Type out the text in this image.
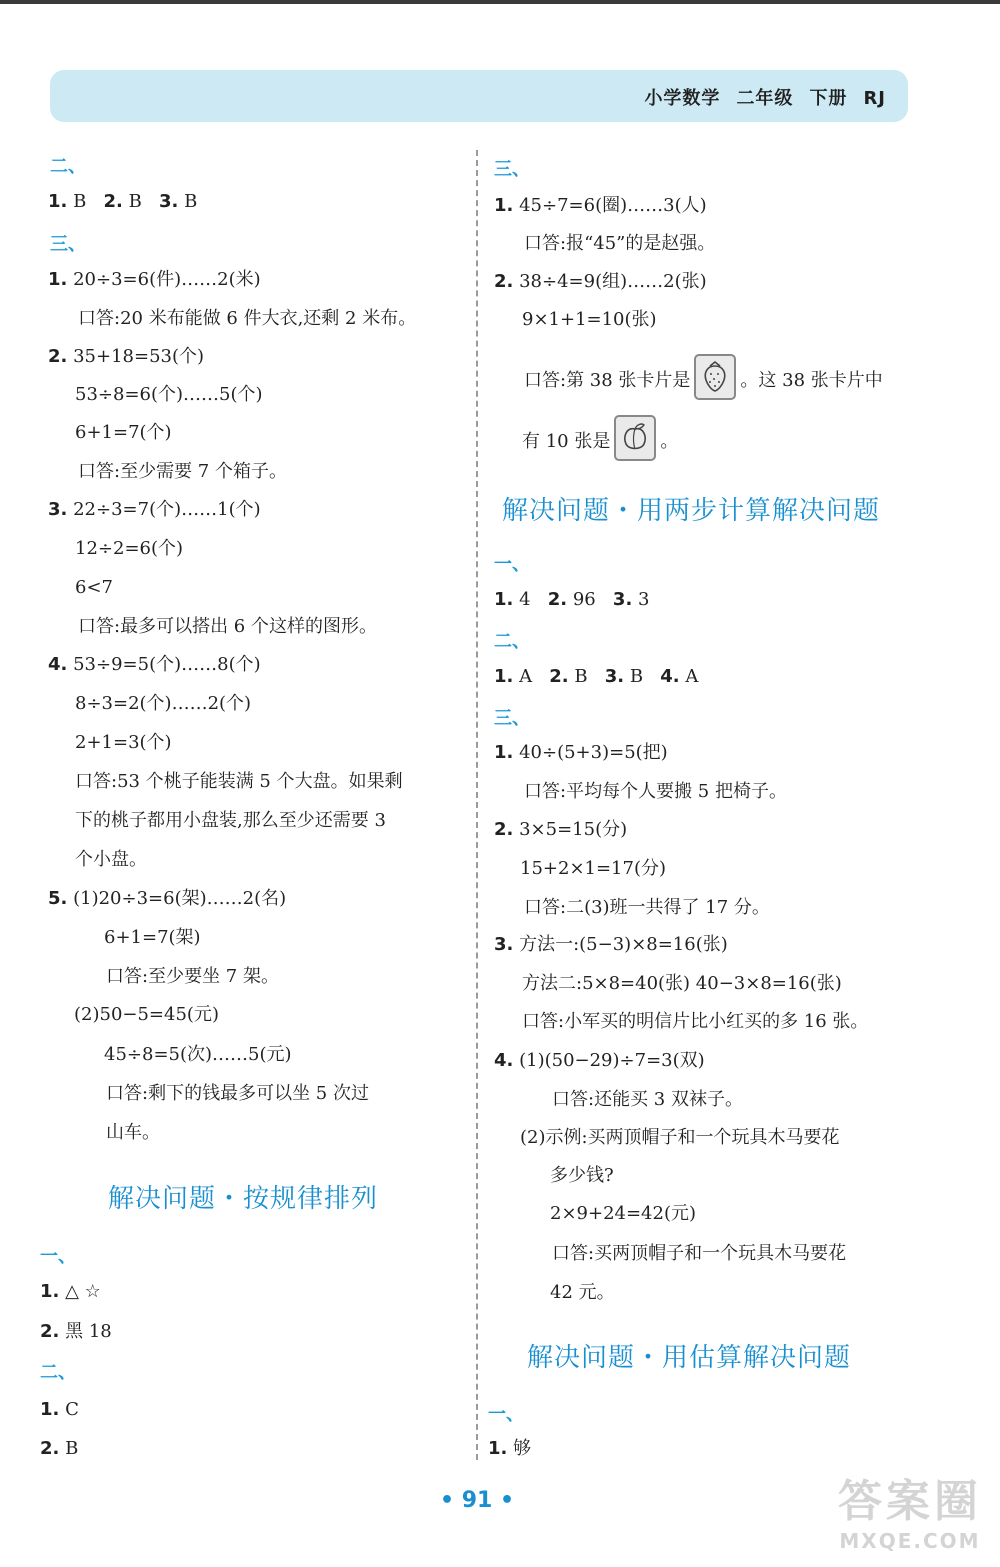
小学数学 二年级 下册 RJ
二、
1. B 2. B 3. B
三、
1. 20÷3=6(件)……2(米)
口答:20 米布能做 6 件大衣,还剩 2 米布。
2. 35+18=53(个)
53÷8=6(个)……5(个)
6+1=7(个)
口答:至少需要 7 个箱子。
3. 22÷3=7(个)……1(个)
12÷2=6(个)
6<7
口答:最多可以搭出 6 个这样的图形。
4. 53÷9=5(个)……8(个)
8÷3=2(个)……2(个)
2+1=3(个)
口答:53 个桃子能装满 5 个大盘。如果剩
下的桃子都用小盘装,那么至少还需要 3
个小盘。
5. (1)20÷3=6(架)……2(名)
6+1=7(架)
口答:至少要坐 7 架。
(2)50−5=45(元)
45÷8=5(次)……5(元)
口答:剩下的钱最多可以坐 5 次过
山车。
解决问题・按规律排列
一、
1. △ ☆
2. 黑 18
二、
1. C
2. B
三、
1. 45÷7=6(圈)……3(人)
口答:报“45”的是赵强。
2. 38÷4=9(组)……2(张)
9×1+1=10(张)
口答:第 38 张卡片是	。这 38 张卡片中
有 10 张是	。
解决问题・用两步计算解决问题
一、
1. 4 2. 96 3. 3
二、
1. A 2. B 3. B 4. A
三、
1. 40÷(5+3)=5(把)
口答:平均每个人要搬 5 把椅子。
2. 3×5=15(分)
15+2×1=17(分)
口答:二(3)班一共得了 17 分。
3. 方法一:(5−3)×8=16(张)
方法二:5×8=40(张) 40−3×8=16(张)
口答:小军买的明信片比小红买的多 16 张。
4. (1)(50−29)÷7=3(双)
口答:还能买 3 双袜子。
(2)示例:买两顶帽子和一个玩具木马要花
多少钱?
2×9+24=42(元)
口答:买两顶帽子和一个玩具木马要花
42 元。
解决问题・用估算解决问题
一、
1. 够
• 91 •	答案圈
MXQE.COM
